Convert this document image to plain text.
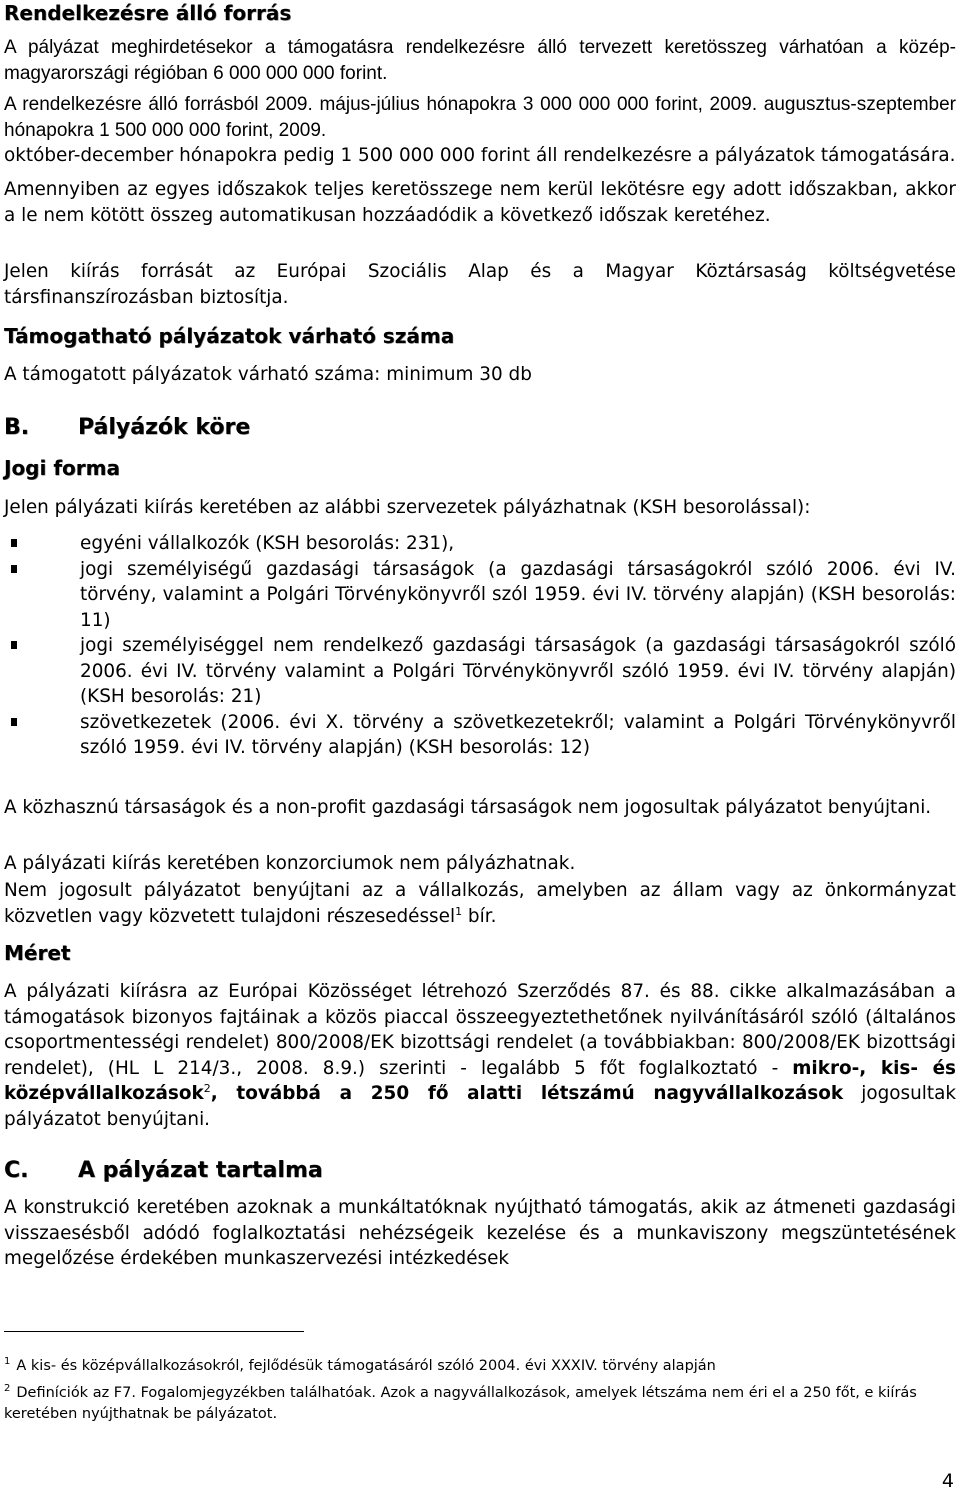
Rendelkezésre álló forrás

A pályázat meghirdetésekor a támogatásra rendelkezésre álló tervezett keretösszeg várhatóan a közép-magyarországi régióban 6 000 000 000 forint.

A rendelkezésre álló forrásból 2009. május-július hónapokra 3 000 000 000 forint, 2009. augusztus-szeptember hónapokra 1 500 000 000 forint, 2009.

október-december hónapokra pedig 1 500 000 000 forint áll rendelkezésre a pályázatok támogatására.

Amennyiben az egyes időszakok teljes keretösszege nem kerül lekötésre egy adott időszakban, akkor a le nem kötött összeg automatikusan hozzáadódik a következő időszak keretéhez.

Jelen kiírás forrását az Európai Szociális Alap és a Magyar Köztársaság költségvetése társfinanszírozásban biztosítja.

Támogatható pályázatok várható száma

A támogatott pályázatok várható száma: minimum 30 db

B. Pályázók köre
Jogi forma

Jelen pályázati kiírás keretében az alábbi szervezetek pályázhatnak (KSH besorolással):

egyéni vállalkozók (KSH besorolás: 231),
jogi személyiségű gazdasági társaságok (a gazdasági társaságokról szóló 2006. évi IV. törvény, valamint a Polgári Törvénykönyvről szól 1959. évi IV. törvény alapján) (KSH besorolás: 11)
jogi személyiséggel nem rendelkező gazdasági társaságok (a gazdasági társaságokról szóló 2006. évi IV. törvény valamint a Polgári Törvénykönyvről szóló 1959. évi IV. törvény alapján) (KSH besorolás: 21)
szövetkezetek (2006. évi X. törvény a szövetkezetekről; valamint a Polgári Törvénykönyvről szóló 1959. évi IV. törvény alapján) (KSH besorolás: 12)

A közhasznú társaságok és a non-profit gazdasági társaságok nem jogosultak pályázatot benyújtani.

A pályázati kiírás keretében konzorciumok nem pályázhatnak.

Nem jogosult pályázatot benyújtani az a vállalkozás, amelyben az állam vagy az önkormányzat közvetlen vagy közvetett tulajdoni részesedéssel$^1$ bír.

Méret

A pályázati kiírásra az Európai Közösséget létrehozó Szerződés 87. és 88. cikke alkalmazásában a támogatások bizonyos fajtáinak a közös piaccal összeegyeztethetőnek nyilvánításáról szóló (általános csoportmentességi rendelet) 800/2008/EK bizottsági rendelet (a továbbiakban: 800/2008/EK bizottsági rendelet), (HL L 214/3., 2008. 8.9.) szerinti - legalább 5 főt foglalkoztató - mikro-, kis- és középvállalkozások$^2$, továbbá a 250 fő alatti létszámú nagyvállalkozások jogosultak pályázatot benyújtani.

C. A pályázat tartalma

A konstrukció keretében azoknak a munkáltatóknak nyújtható támogatás, akik az átmeneti gazdasági visszaesésből adódó foglalkoztatási nehézségeik kezelése és a munkaviszony megszüntetésének megelőzése érdekében munkaszervezési intézkedések

$^1$ A kis- és középvállalkozásokról, fejlődésük támogatásáról szóló 2004. évi XXXIV. törvény alapján

$^2$ Definíciók az F7. Fogalomjegyzékben találhatóak. Azok a nagyvállalkozások, amelyek létszáma nem éri el a 250 főt, e kiírás keretében nyújthatnak be pályázatot.

4
